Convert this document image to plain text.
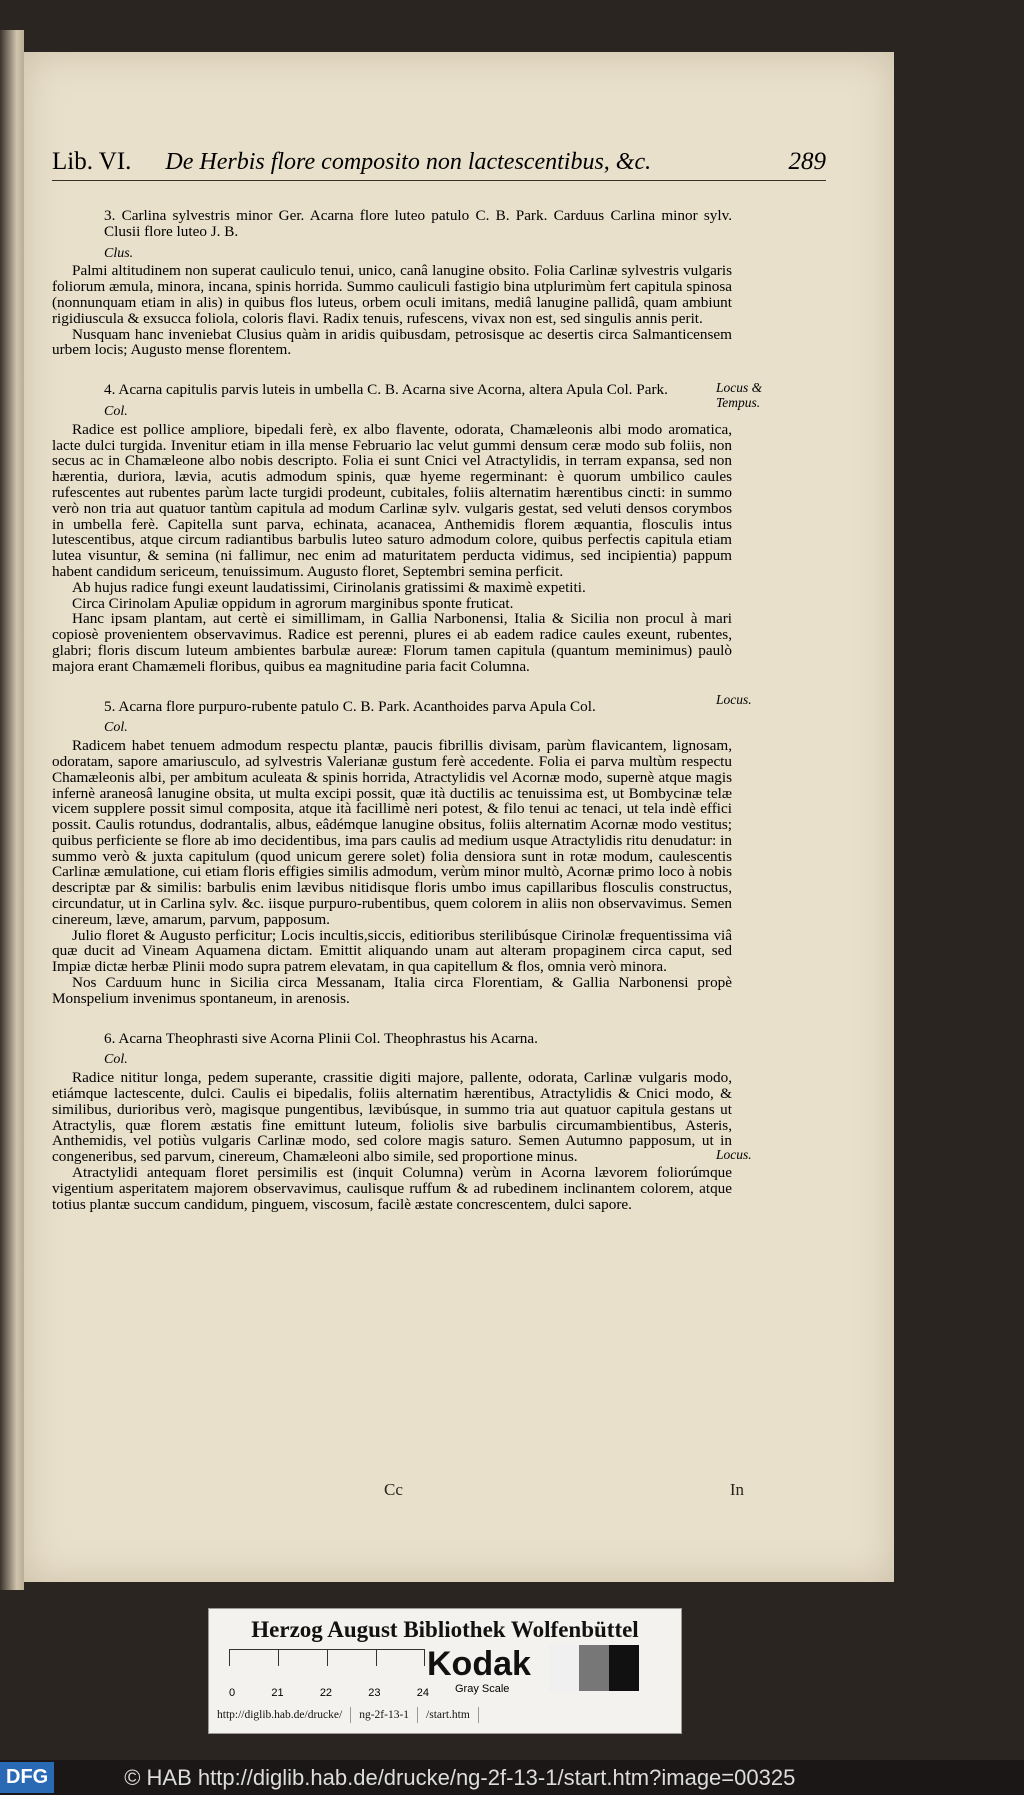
Lib. VI. De Herbis flore composito non lactescentibus, &c.	289

3. Carlina sylvestris minor Ger. Acarna flore luteo patulo C. B. Park. Carduus Carlina minor sylv. Clusii flore luteo J. B.

Clus.

Palmi altitudinem non superat cauliculo tenui, unico, canâ lanugine obsito. Folia Carlinæ sylvestris vulgaris foliorum æmula, minora, incana, spinis horrida. Summo cauliculi fastigio bina utplurimùm fert capitula spinosa (nonnunquam etiam in alis) in quibus flos luteus, orbem oculi imitans, mediâ lanugine pallidâ, quam ambiunt rigidiuscula & exsucca foliola, coloris flavi. Radix tenuis, rufescens, vivax non est, sed singulis annis perit.

Nusquam hanc inveniebat Clusius quàm in aridis quibusdam, petrosisque ac desertis circa Salmanticensem urbem locis; Augusto mense florentem.

4. Acarna capitulis parvis luteis in umbella C. B. Acarna sive Acorna, altera Apula Col. Park.

Col.

Radice est pollice ampliore, bipedali ferè, ex albo flavente, odorata, Chamæleonis albi modo aromatica, lacte dulci turgida. Invenitur etiam in illa mense Februario lac velut gummi densum ceræ modo sub foliis, non secus ac in Chamæleone albo nobis descripto. Folia ei sunt Cnici vel Atractylidis, in terram expansa, sed non hærentia, duriora, lævia, acutis admodum spinis, quæ hyeme regerminant: è quorum umbilico caules rufescentes aut rubentes parùm lacte turgidi prodeunt, cubitales, foliis alternatim hærentibus cincti: in summo verò non tria aut quatuor tantùm capitula ad modum Carlinæ sylv. vulgaris gestat, sed veluti densos corymbos in umbella ferè. Capitella sunt parva, echinata, acanacea, Anthemidis florem æquantia, flosculis intus lutescentibus, atque circum radiantibus barbulis luteo saturo admodum colore, quibus perfectis capitula etiam lutea visuntur, & semina (ni fallimur, nec enim ad maturitatem perducta vidimus, sed incipientia) pappum habent candidum sericeum, tenuissimum. Augusto floret, Septembri semina perficit.

Ab hujus radice fungi exeunt laudatissimi, Cirinolanis gratissimi & maximè expetiti.

Circa Cirinolam Apuliæ oppidum in agrorum marginibus sponte fruticat.

Hanc ipsam plantam, aut certè ei simillimam, in Gallia Narbonensi, Italia & Sicilia non procul à mari copiosè provenientem observavimus. Radice est perenni, plures ei ab eadem radice caules exeunt, rubentes, glabri; floris discum luteum ambientes barbulæ aureæ: Florum tamen capitula (quantum meminimus) paulò majora erant Chamæmeli floribus, quibus ea magnitudine paria facit Columna.

5. Acarna flore purpuro-rubente patulo C. B. Park. Acanthoides parva Apula Col.

Col.

Radicem habet tenuem admodum respectu plantæ, paucis fibrillis divisam, parùm flavicantem, lignosam, odoratam, sapore amariusculo, ad sylvestris Valerianæ gustum ferè accedente. Folia ei parva multùm respectu Chamæleonis albi, per ambitum aculeata & spinis horrida, Atractylidis vel Acornæ modo, supernè atque magis infernè araneosâ lanugine obsita, ut multa excipi possit, quæ ità ductilis ac tenuissima est, ut Bombycinæ telæ vicem supplere possit simul composita, atque ità facillimè neri potest, & filo tenui ac tenaci, ut tela indè effici possit. Caulis rotundus, dodrantalis, albus, eâdémque lanugine obsitus, foliis alternatim Acornæ modo vestitus; quibus perficiente se flore ab imo decidentibus, ima pars caulis ad medium usque Atractylidis ritu denudatur: in summo verò & juxta capitulum (quod unicum gerere solet) folia densiora sunt in rotæ modum, caulescentis Carlinæ æmulatione, cui etiam floris effigies similis admodum, verùm minor multò, Acornæ primo loco à nobis descriptæ par & similis: barbulis enim lævibus nitidisque floris umbo imus capillaribus flosculis constructus, circundatur, ut in Carlina sylv. &c. iisque purpuro-rubentibus, quem colorem in aliis non observavimus. Semen cinereum, læve, amarum, parvum, papposum.

Julio floret & Augusto perficitur; Locis incultis,siccis, editioribus sterilibúsque Cirinolæ frequentissima viâ quæ ducit ad Vineam Aquamena dictam. Emittit aliquando unam aut alteram propaginem circa caput, sed Impiæ dictæ herbæ Plinii modo supra patrem elevatam, in qua capitellum & flos, omnia verò minora.

Nos Carduum hunc in Sicilia circa Messanam, Italia circa Florentiam, & Gallia Narbonensi propè Monspelium invenimus spontaneum, in arenosis.

6. Acarna Theophrasti sive Acorna Plinii Col. Theophrastus his Acarna.

Col.

Radice nititur longa, pedem superante, crassitie digiti majore, pallente, odorata, Carlinæ vulgaris modo, etiámque lactescente, dulci. Caulis ei bipedalis, foliis alternatim hærentibus, Atractylidis & Cnici modo, & similibus, durioribus verò, magisque pungentibus, lævibúsque, in summo tria aut quatuor capitula gestans ut Atractylis, quæ florem æstatis fine emittunt luteum, foliolis sive barbulis circumambientibus, Asteris, Anthemidis, vel potiùs vulgaris Carlinæ modo, sed colore magis saturo. Semen Autumno papposum, ut in congeneribus, sed parvum, cinereum, Chamæleoni albo simile, sed proportione minus.

Atractylidi antequam floret persimilis est (inquit Columna) verùm in Acorna lævorem foliorúmque vigentium asperitatem majorem observavimus, caulisque ruffum & ad rubedinem inclinantem colorem, atque totius plantæ succum candidum, pinguem, viscosum, facilè æstate concrescentem, dulci sapore.

Locus & Tempus.
Locus.
Locus.
Cc	In
Herzog August Bibliothek Wolfenbüttel
0	21	22	23	24
Kodak
Gray Scale
http://diglib.hab.de/drucke/	ng-2f-13-1	/start.htm
DFG	© HAB http://diglib.hab.de/drucke/ng-2f-13-1/start.htm?image=00325
